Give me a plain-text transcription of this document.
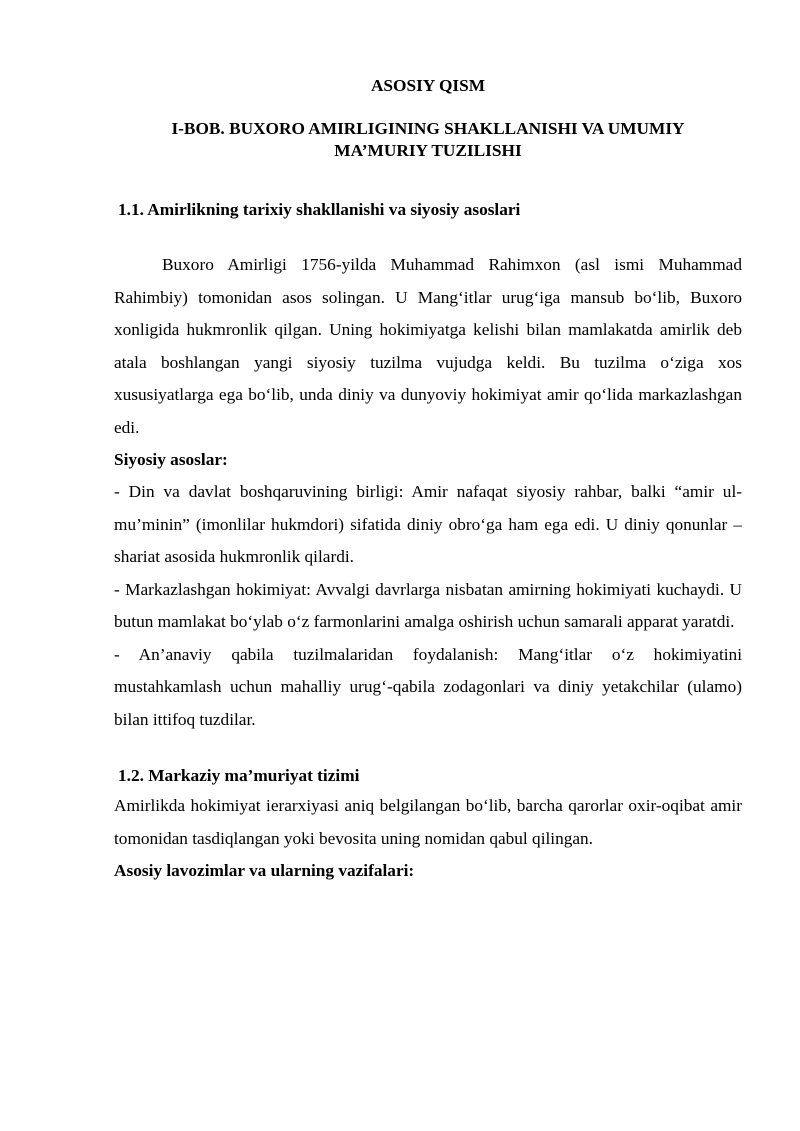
ASOSIY QISM
I-BOB. BUXORO AMIRLIGINING SHAKLLANISHI VA UMUMIY
MA’MURIY TUZILISHI
1.1. Amirlikning tarixiy shakllanishi va siyosiy asoslari

Buxoro Amirligi 1756-yilda Muhammad Rahimxon (asl ismi Muhammad Rahimbiy) tomonidan asos solingan. U Mang‘itlar urug‘iga mansub bo‘lib, Buxoro xonligida hukmronlik qilgan. Uning hokimiyatga kelishi bilan mamlakatda amirlik deb atala boshlangan yangi siyosiy tuzilma vujudga keldi. Bu tuzilma o‘ziga xos xususiyatlarga ega bo‘lib, unda diniy va dunyoviy hokimiyat amir qo‘lida markazlashgan edi.

Siyosiy asoslar:

- Din va davlat boshqaruvining birligi: Amir nafaqat siyosiy rahbar, balki “amir ul-mu’minin” (imonlilar hukmdori) sifatida diniy obro‘ga ham ega edi. U diniy qonunlar – shariat asosida hukmronlik qilardi.

- Markazlashgan hokimiyat: Avvalgi davrlarga nisbatan amirning hokimiyati kuchaydi. U butun mamlakat bo‘ylab o‘z farmonlarini amalga oshirish uchun samarali apparat yaratdi.

- An’anaviy qabila tuzilmalaridan foydalanish: Mang‘itlar o‘z hokimiyatini mustahkamlash uchun mahalliy urug‘-qabila zodagonlari va diniy yetakchilar (ulamo) bilan ittifoq tuzdilar.

1.2. Markaziy ma’muriyat tizimi

Amirlikda hokimiyat ierarxiyasi aniq belgilangan bo‘lib, barcha qarorlar oxir-oqibat amir tomonidan tasdiqlangan yoki bevosita uning nomidan qabul qilingan.

Asosiy lavozimlar va ularning vazifalari:
